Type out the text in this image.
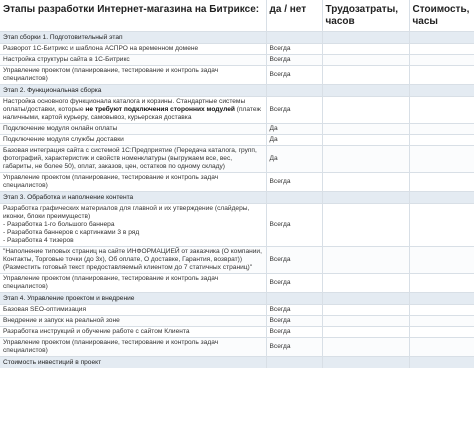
Этапы разработки Интернет-магазина на Битриксе:	да / нет	Трудозатраты, часов	Стоимость, часы
Этап сборки 1. Подготовительный этап			
Разворот 1С-Битрикс и шаблона АСПРО на временном домене	Всегда		
Настройка структуры сайта в 1С-Битрикс	Всегда		
Управление проектом (планирование, тестирование и контроль задач специалистов)	Всегда		
Этап 2. Функциональная сборка			
Настройка основного функционала каталога и корзины. Стандартные системы оплаты/доставки, которые не требуют подключения сторонних модулей (платеж наличными, картой курьеру, самовывоз, курьерская доставка	Всегда		
Подключение модуля онлайн оплаты	Да		
Подключение модуля службы доставки	Да		
Базовая интеграция сайта с системой 1С:Предприятие (Передача каталога, групп, фотографий, характеристик и свойств номенклатуры (выгружаем все, вес, габариты, не более 50), оплат, заказов, цен, остатков по одному складу)	Да		
Управление проектом (планирование, тестирование и контроль задач специалистов)	Всегда		
Этап 3. Обработка и наполнение контента			
Разработка графических материалов для главной и их утверждение (слайдеры, иконки, блоки преимуществ)
- Разработка 1-го большого баннера
- Разработка баннеров с картинками 3 в ряд
- Разработка 4 тизеров	Всегда		
"Наполнение типовых страниц на сайте ИНФОРМАЦИЕЙ от заказчика (О компании, Контакты, Торговые точки (до 3х), Об оплате, О доставке, Гарантия, возврат))
(Разместить готовый текст предоставляемый клиентом до 7 статичных страниц)"	Всегда		
Управление проектом (планирование, тестирование и контроль задач специалистов)	Всегда		
Этап 4. Управление проектом и внедрение			
Базовая SEO-оптимизация	Всегда		
Внедрение и запуск на реальной зоне	Всегда		
Разработка инструкций и обучение работе с сайтом Клиента	Всегда		
Управление проектом (планирование, тестирование и контроль задач специалистов)	Всегда		
Стоимость инвестиций в проект			
